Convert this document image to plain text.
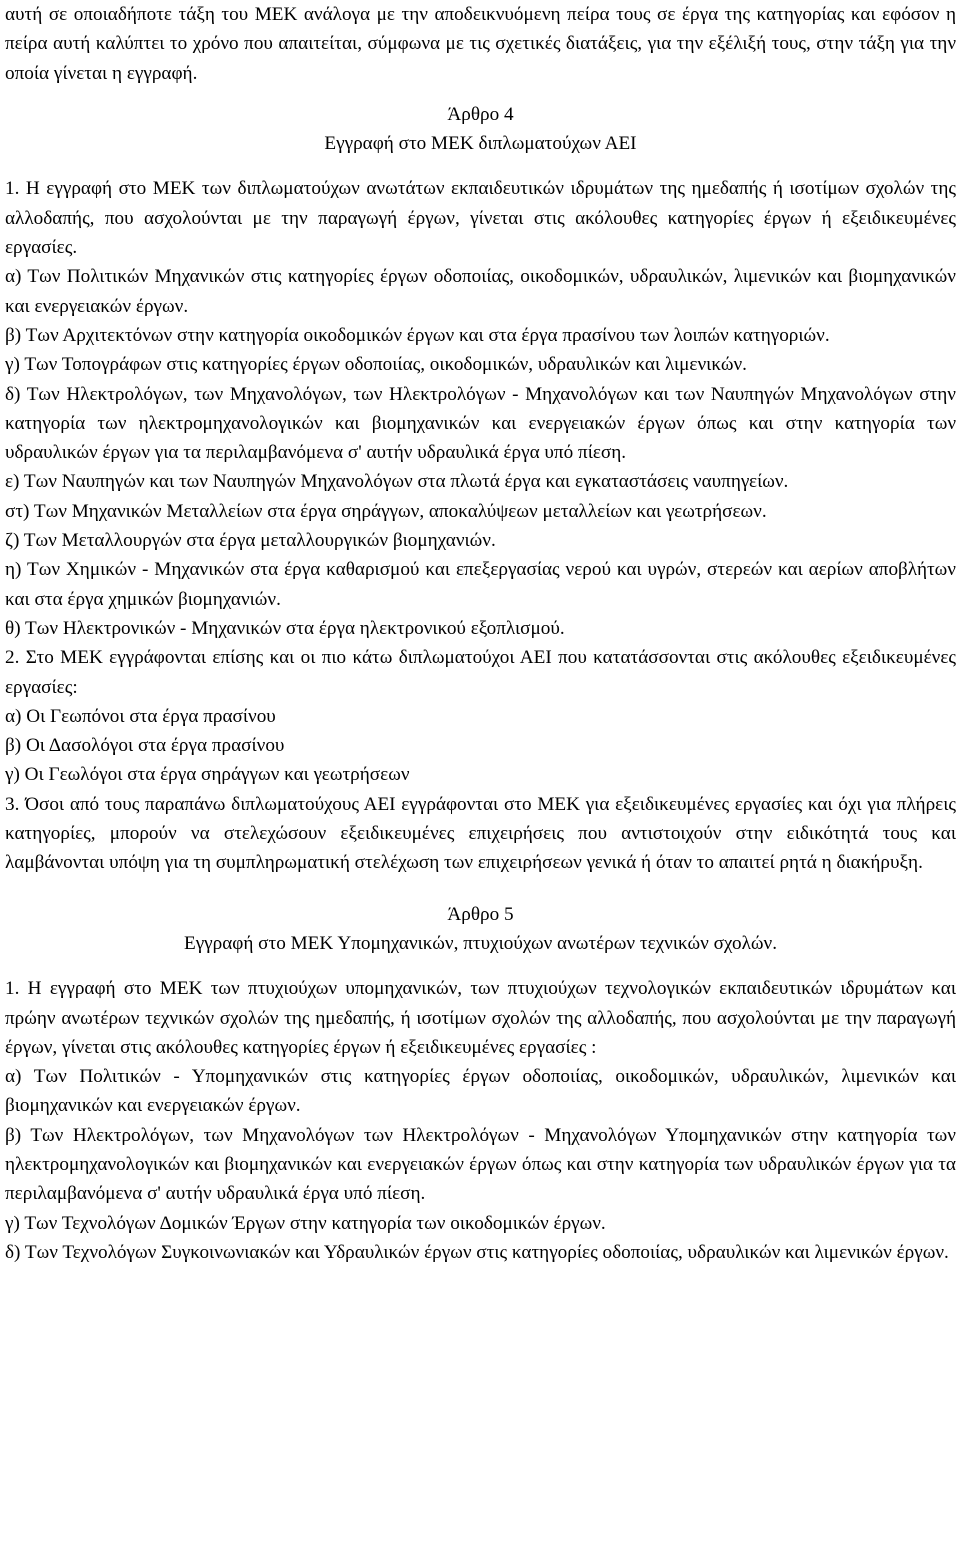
αυτή σε οποιαδήποτε τάξη του ΜΕΚ ανάλογα με την αποδεικνυόμενη πείρα τους σε έργα της κατηγορίας και εφόσον η πείρα αυτή καλύπτει το χρόνο που απαιτείται, σύμφωνα με τις σχετικές διατάξεις, για την εξέλιξή τους, στην τάξη για την οποία γίνεται η εγγραφή.

Άρθρο 4

Εγγραφή στο ΜΕΚ διπλωματούχων ΑΕΙ

1. Η εγγραφή στο ΜΕΚ των διπλωματούχων ανωτάτων εκπαιδευτικών ιδρυμάτων της ημεδαπής ή ισοτίμων σχολών της αλλοδαπής, που ασχολούνται με την παραγωγή έργων, γίνεται στις ακόλουθες κατηγορίες έργων ή εξειδικευμένες εργασίες.

α) Των Πολιτικών Μηχανικών στις κατηγορίες έργων οδοποιίας, οικοδομικών, υδραυλικών, λιμενικών και βιομηχανικών και ενεργειακών έργων.

β) Των Αρχιτεκτόνων στην κατηγορία οικοδομικών έργων και στα έργα πρασίνου των λοιπών κατηγοριών.

γ) Των Τοπογράφων στις κατηγορίες έργων οδοποιίας, οικοδομικών, υδραυλικών και λιμενικών.

δ) Των Ηλεκτρολόγων, των Μηχανολόγων, των Ηλεκτρολόγων - Μηχανολόγων και των Ναυπηγών Μηχανολόγων στην κατηγορία των ηλεκτρομηχανολογικών και βιομηχανικών και ενεργειακών έργων όπως και στην κατηγορία των υδραυλικών έργων για τα περιλαμβανόμενα σ' αυτήν υδραυλικά έργα υπό πίεση.

ε) Των Ναυπηγών και των Ναυπηγών Μηχανολόγων στα πλωτά έργα και εγκαταστάσεις ναυπηγείων.

στ) Των Μηχανικών Μεταλλείων στα έργα σηράγγων, αποκαλύψεων μεταλλείων και γεωτρήσεων.

ζ) Των Μεταλλουργών στα έργα μεταλλουργικών βιομηχανιών.

η) Των Χημικών - Μηχανικών στα έργα καθαρισμού και επεξεργασίας νερού και υγρών, στερεών και αερίων αποβλήτων και στα έργα χημικών βιομηχανιών.

θ) Των Ηλεκτρονικών - Μηχανικών στα έργα ηλεκτρονικού εξοπλισμού.

2. Στο ΜΕΚ εγγράφονται επίσης και οι πιο κάτω διπλωματούχοι ΑΕΙ που κατατάσσονται στις ακόλουθες εξειδικευμένες εργασίες:

α) Οι Γεωπόνοι στα έργα πρασίνου

β) Οι Δασολόγοι στα έργα πρασίνου

γ) Οι Γεωλόγοι στα έργα σηράγγων και γεωτρήσεων

3. Όσοι από τους παραπάνω διπλωματούχους ΑΕΙ εγγράφονται στο ΜΕΚ για εξειδικευμένες εργασίες και όχι για πλήρεις κατηγορίες, μπορούν να στελεχώσουν εξειδικευμένες επιχειρήσεις που αντιστοιχούν στην ειδικότητά τους και λαμβάνονται υπόψη για τη συμπληρωματική στελέχωση των επιχειρήσεων γενικά ή όταν το απαιτεί ρητά η διακήρυξη.

Άρθρο 5

Εγγραφή στο ΜΕΚ Υπομηχανικών, πτυχιούχων ανωτέρων τεχνικών σχολών.

1. Η εγγραφή στο ΜΕΚ των πτυχιούχων υπομηχανικών, των πτυχιούχων τεχνολογικών εκπαιδευτικών ιδρυμάτων και πρώην ανωτέρων τεχνικών σχολών της ημεδαπής, ή ισοτίμων σχολών της αλλοδαπής, που ασχολούνται με την παραγωγή έργων, γίνεται στις ακόλουθες κατηγορίες έργων ή εξειδικευμένες εργασίες :

α) Των Πολιτικών - Υπομηχανικών στις κατηγορίες έργων οδοποιίας, οικοδομικών, υδραυλικών, λιμενικών και βιομηχανικών και ενεργειακών έργων.

β) Των Ηλεκτρολόγων, των Μηχανολόγων των Ηλεκτρολόγων - Μηχανολόγων Υπομηχανικών στην κατηγορία των ηλεκτρομηχανολογικών και βιομηχανικών και ενεργειακών έργων όπως και στην κατηγορία των υδραυλικών έργων για τα περιλαμβανόμενα σ' αυτήν υδραυλικά έργα υπό πίεση.

γ) Των Τεχνολόγων Δομικών Έργων στην κατηγορία των οικοδομικών έργων.

δ) Των Τεχνολόγων Συγκοινωνιακών και Υδραυλικών έργων στις κατηγορίες οδοποιίας, υδραυλικών και λιμενικών έργων.
